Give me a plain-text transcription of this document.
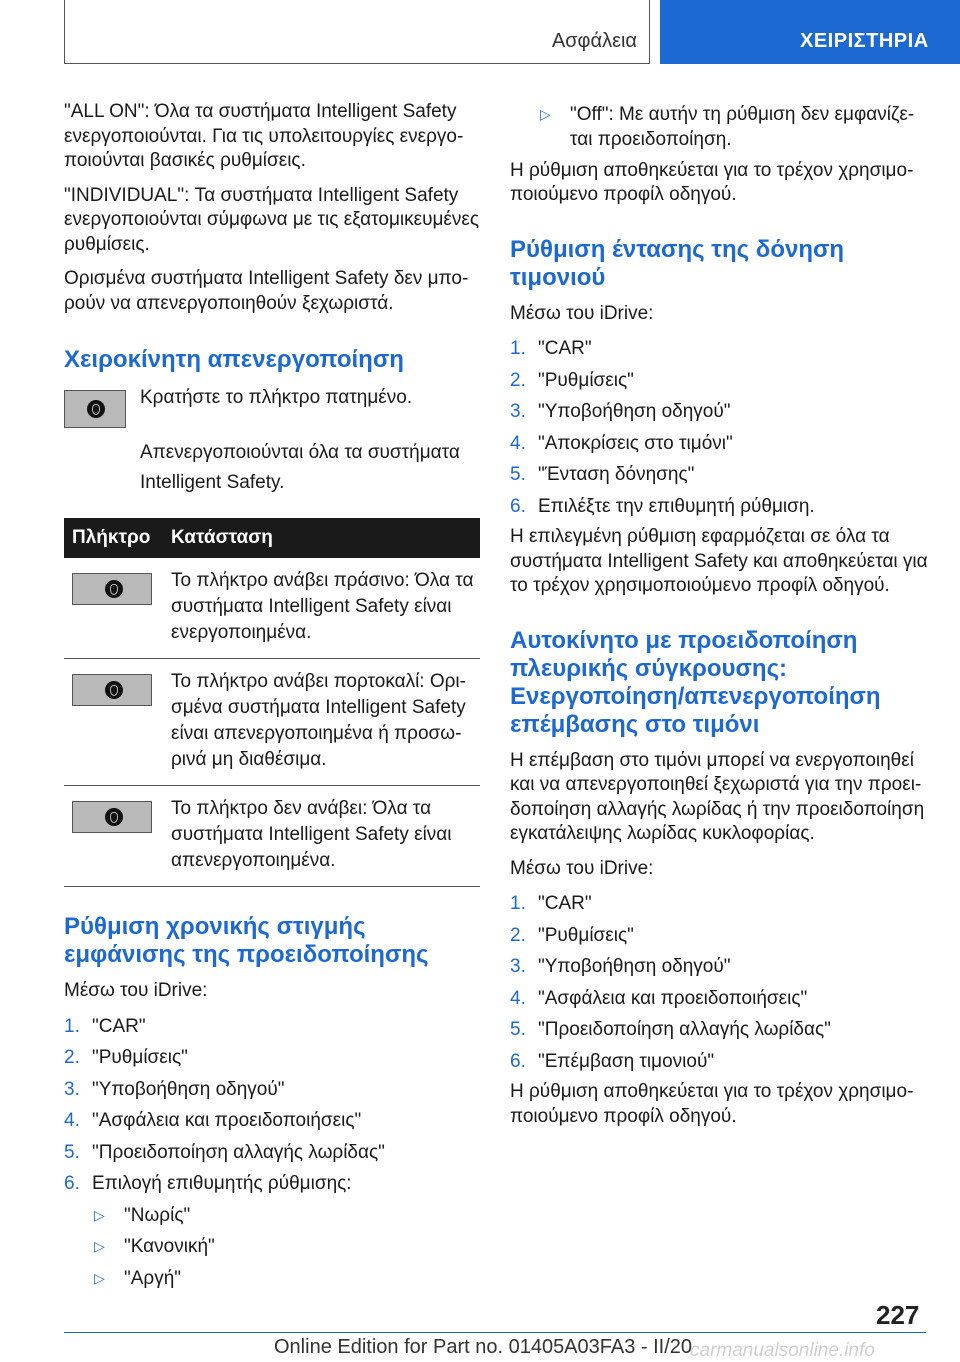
Ασφάλεια	ΧΕΙΡΙΣΤΗΡΙΑ

"ALL ON": Όλα τα συστήματα Intelligent Safety ενεργοποιούνται. Για τις υπολειτουργίες ενεργοποιούνται βασικές ρυθμίσεις.

"INDIVIDUAL": Τα συστήματα Intelligent Safety ενεργοποιούνται σύμφωνα με τις εξατομικευμένες ρυθμίσεις.

Ορισμένα συστήματα Intelligent Safety δεν μπορούν να απενεργοποιηθούν ξεχωριστά.

Χειροκίνητη απενεργοποίηση

Κρατήστε το πλήκτρο πατημένο.

Απενεργοποιούνται όλα τα συστήματα Intelligent Safety.

Πλήκτρο	Κατάσταση

	Το πλήκτρο ανάβει πράσινο: Όλα τα συστήματα Intelligent Safety είναι ενεργοποιημένα.

	Το πλήκτρο ανάβει πορτοκαλί: Ορισμένα συστήματα Intelligent Safety είναι απενεργοποιημένα ή προσωρινά μη διαθέσιμα.

	Το πλήκτρο δεν ανάβει: Όλα τα συστήματα Intelligent Safety είναι απενεργοποιημένα.
Ρύθμιση χρονικής στιγμής εμφάνισης της προειδοποίησης

Μέσω του iDrive:

1. "CAR"
2. "Ρυθμίσεις"
3. "Υποβοήθηση οδηγού"
4. "Ασφάλεια και προειδοποιήσεις"
5. "Προειδοποίηση αλλαγής λωρίδας"
6. Επιλογή επιθυμητής ρύθμισης:
▷	"Νωρίς"
▷	"Κανονική"
▷	"Αργή"
▷	"Off": Με αυτήν τη ρύθμιση δεν εμφανίζεται προειδοποίηση.

Η ρύθμιση αποθηκεύεται για το τρέχον χρησιμοποιούμενο προφίλ οδηγού.

Ρύθμιση έντασης της δόνηση τιμονιού

Μέσω του iDrive:

1. "CAR"
2. "Ρυθμίσεις"
3. "Υποβοήθηση οδηγού"
4. "Αποκρίσεις στο τιμόνι"
5. "Ένταση δόνησης"
6. Επιλέξτε την επιθυμητή ρύθμιση.

Η επιλεγμένη ρύθμιση εφαρμόζεται σε όλα τα συστήματα Intelligent Safety και αποθηκεύεται για το τρέχον χρησιμοποιούμενο προφίλ οδηγού.

Αυτοκίνητο με προειδοποίηση πλευρικής σύγκρουσης: Ενεργοποίηση/απενεργοποίηση επέμβασης στο τιμόνι

Η επέμβαση στο τιμόνι μπορεί να ενεργοποιηθεί και να απενεργοποιηθεί ξεχωριστά για την προειδοποίηση αλλαγής λωρίδας ή την προειδοποίηση εγκατάλειψης λωρίδας κυκλοφορίας.

Μέσω του iDrive:

1. "CAR"
2. "Ρυθμίσεις"
3. "Υποβοήθηση οδηγού"
4. "Ασφάλεια και προειδοποιήσεις"
5. "Προειδοποίηση αλλαγής λωρίδας"
6. "Επέμβαση τιμονιού"

Η ρύθμιση αποθηκεύεται για το τρέχον χρησιμοποιούμενο προφίλ οδηγού.

227
Online Edition for Part no. 01405A03FA3 - II/20
carmanualsonline.info
